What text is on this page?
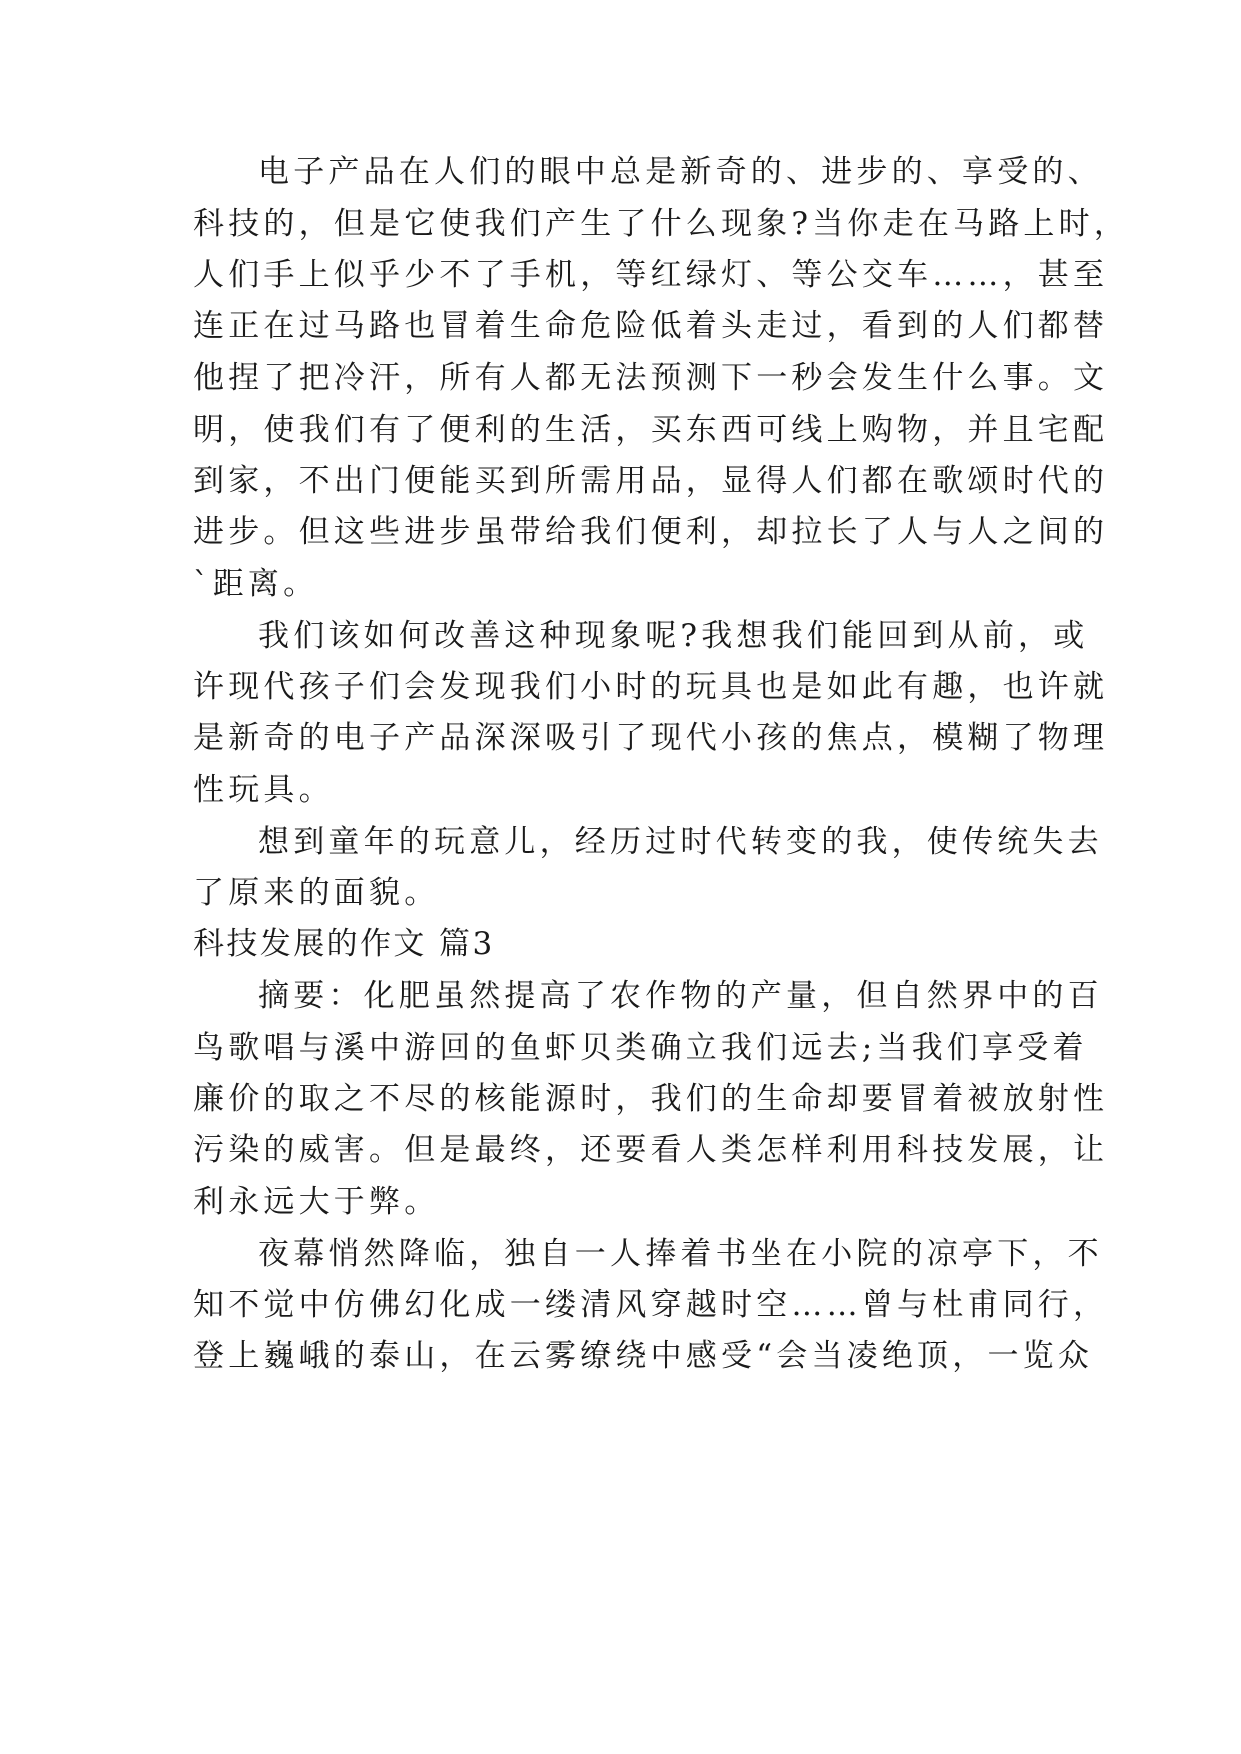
电子产品在人们的眼中总是新奇的、进步的、享受的、
科技的，但是它使我们产生了什么现象?当你走在马路上时，
人们手上似乎少不了手机，等红绿灯、等公交车……，甚至
连正在过马路也冒着生命危险低着头走过，看到的人们都替
他捏了把冷汗，所有人都无法预测下一秒会发生什么事。文
明，使我们有了便利的生活，买东西可线上购物，并且宅配
到家，不出门便能买到所需用品，显得人们都在歌颂时代的
进步。但这些进步虽带给我们便利，却拉长了人与人之间的
`距离。
我们该如何改善这种现象呢?我想我们能回到从前，或
许现代孩子们会发现我们小时的玩具也是如此有趣，也许就
是新奇的电子产品深深吸引了现代小孩的焦点，模糊了物理
性玩具。
想到童年的玩意儿，经历过时代转变的我，使传统失去
了原来的面貌。
科技发展的作文 篇3
摘要：化肥虽然提高了农作物的产量，但自然界中的百
鸟歌唱与溪中游回的鱼虾贝类确立我们远去;当我们享受着
廉价的取之不尽的核能源时，我们的生命却要冒着被放射性
污染的威害。但是最终，还要看人类怎样利用科技发展，让
利永远大于弊。
夜幕悄然降临，独自一人捧着书坐在小院的凉亭下，不
知不觉中仿佛幻化成一缕清风穿越时空……曾与杜甫同行，
登上巍峨的泰山，在云雾缭绕中感受“会当凌绝顶，一览众
